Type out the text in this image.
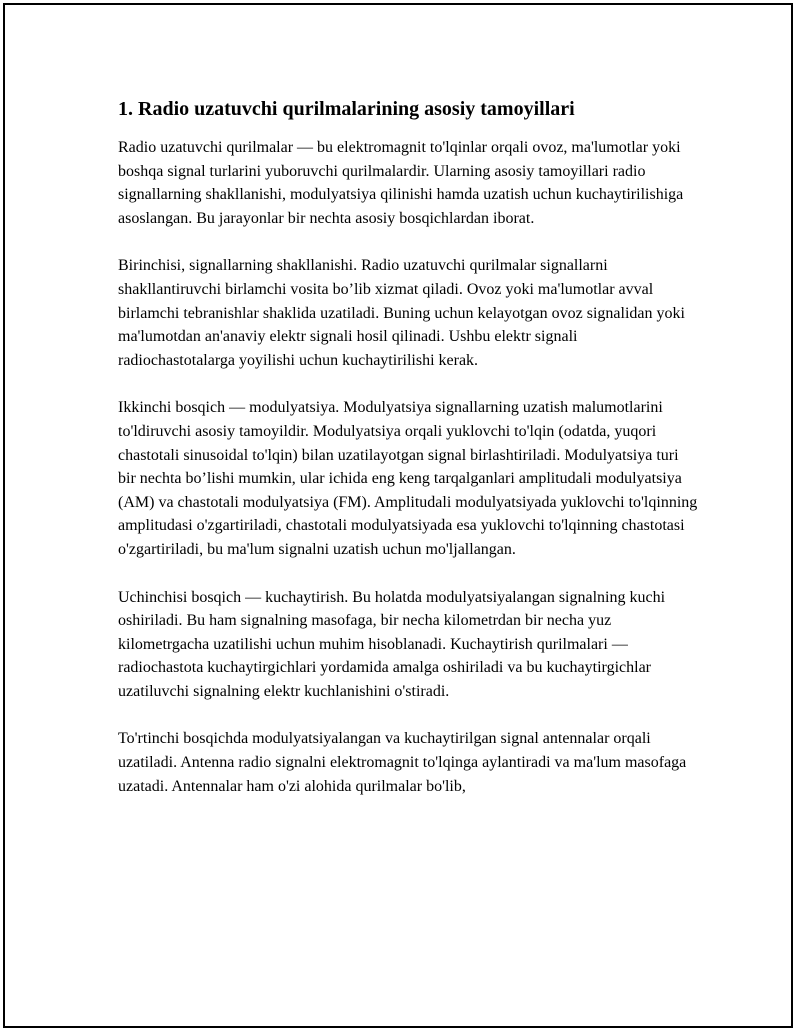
1. Radio uzatuvchi qurilmalarining asosiy tamoyillari

Radio uzatuvchi qurilmalar — bu elektromagnit to'lqinlar orqali ovoz, ma'lumotlar yoki boshqa signal turlarini yuboruvchi qurilmalardir. Ularning asosiy tamoyillari radio signallarning shakllanishi, modulyatsiya qilinishi hamda uzatish uchun kuchaytirilishiga asoslangan. Bu jarayonlar bir nechta asosiy bosqichlardan iborat.

Birinchisi, signallarning shakllanishi. Radio uzatuvchi qurilmalar signallarni shakllantiruvchi birlamchi vosita bo’lib xizmat qiladi. Ovoz yoki ma'lumotlar avval birlamchi tebranishlar shaklida uzatiladi. Buning uchun kelayotgan ovoz signalidan yoki ma'lumotdan an'anaviy elektr signali hosil qilinadi. Ushbu elektr signali radiochastotalarga yoyilishi uchun kuchaytirilishi kerak.

Ikkinchi bosqich — modulyatsiya. Modulyatsiya signallarning uzatish malumotlarini to'ldiruvchi asosiy tamoyildir. Modulyatsiya orqali yuklovchi to'lqin (odatda, yuqori chastotali sinusoidal to'lqin) bilan uzatilayotgan signal birlashtiriladi. Modulyatsiya turi bir nechta bo’lishi mumkin, ular ichida eng keng tarqalganlari amplitudali modulyatsiya (AM) va chastotali modulyatsiya (FM). Amplitudali modulyatsiyada yuklovchi to'lqinning amplitudasi o'zgartiriladi, chastotali modulyatsiyada esa yuklovchi to'lqinning chastotasi o'zgartiriladi, bu ma'lum signalni uzatish uchun mo'ljallangan.

Uchinchisi bosqich — kuchaytirish. Bu holatda modulyatsiyalangan signalning kuchi oshiriladi. Bu ham signalning masofaga, bir necha kilometrdan bir necha yuz kilometrgacha uzatilishi uchun muhim hisoblanadi. Kuchaytirish qurilmalari — radiochastota kuchaytirgichlari yordamida amalga oshiriladi va bu kuchaytirgichlar uzatiluvchi signalning elektr kuchlanishini o'stiradi.

To'rtinchi bosqichda modulyatsiyalangan va kuchaytirilgan signal antennalar orqali uzatiladi. Antenna radio signalni elektromagnit to'lqinga aylantiradi va ma'lum masofaga uzatadi. Antennalar ham o'zi alohida qurilmalar bo'lib,
